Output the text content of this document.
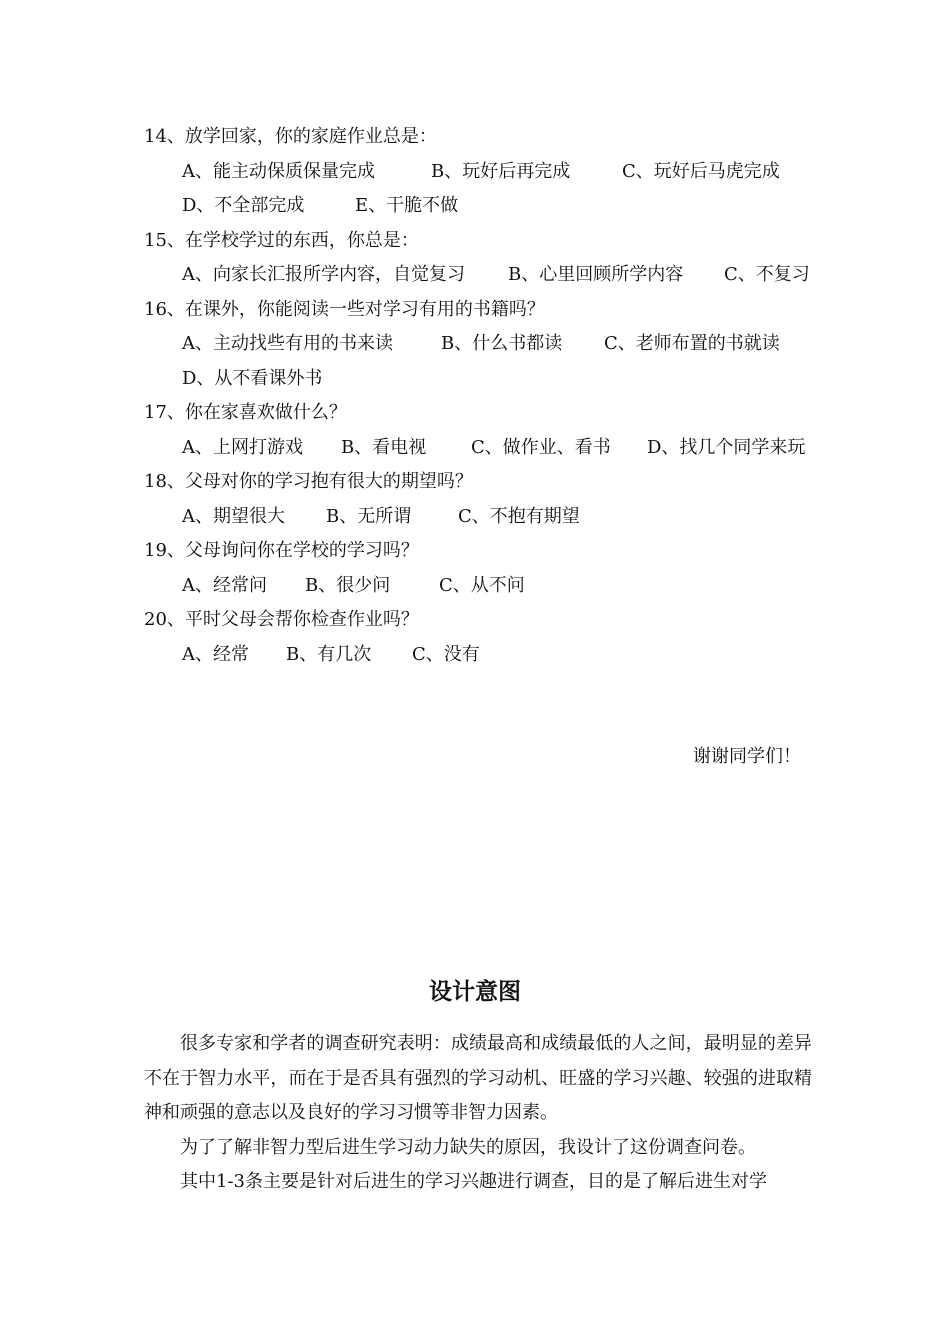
14、放学回家，你的家庭作业总是：
A、能主动保质保量完成	B、玩好后再完成	C、玩好后马虎完成
D、不全部完成	E、干脆不做
15、在学校学过的东西，你总是：
A、向家长汇报所学内容，自觉复习 B、心里回顾所学内容 C、不复习
16、在课外，你能阅读一些对学习有用的书籍吗？
A、主动找些有用的书来读	B、什么书都读 C、老师布置的书就读
D、从不看课外书
17、你在家喜欢做什么？
A、上网打游戏 B、看电视 C、做作业、看书 D、找几个同学来玩
18、父母对你的学习抱有很大的期望吗？
A、期望很大 B、无所谓	C、不抱有期望
19、父母询问你在学校的学习吗？
A、经常问 B、很少问	C、从不问
20、平时父母会帮你检查作业吗？
A、经常 B、有几次 C、没有
谢谢同学们！
设计意图

很多专家和学者的调查研究表明：成绩最高和成绩最低的人之间，最明显的差异不在于智力水平，而在于是否具有强烈的学习动机、旺盛的学习兴趣、较强的进取精神和顽强的意志以及良好的学习习惯等非智力因素。

为了了解非智力型后进生学习动力缺失的原因，我设计了这份调查问卷。

其中1-3条主要是针对后进生的学习兴趣进行调查，目的是了解后进生对学
